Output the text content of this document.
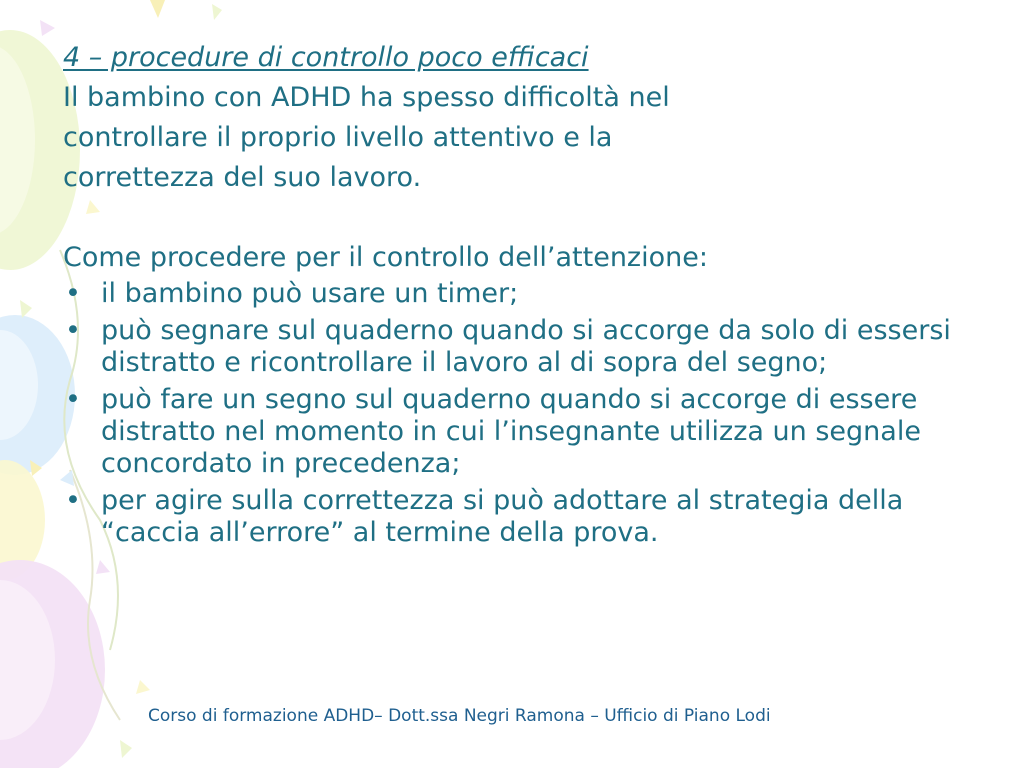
4 – procedure di controllo poco efficaci

Il bambino con ADHD ha spesso difficoltà nel

controllare il proprio livello attentivo e la

correttezza del suo lavoro.

Come procedere per il controllo dell’attenzione:

• il bambino può usare un timer;
• può segnare sul quaderno quando si accorge da solo di essersi distratto e ricontrollare il lavoro al di sopra del segno;
• può fare un segno sul quaderno quando si accorge di essere distratto nel momento in cui l’insegnante utilizza un segnale concordato in precedenza;
• per agire sulla correttezza si può adottare al strategia della “caccia all’errore” al termine della prova.
Corso di formazione ADHD– Dott.ssa Negri Ramona – Ufficio di Piano Lodi
